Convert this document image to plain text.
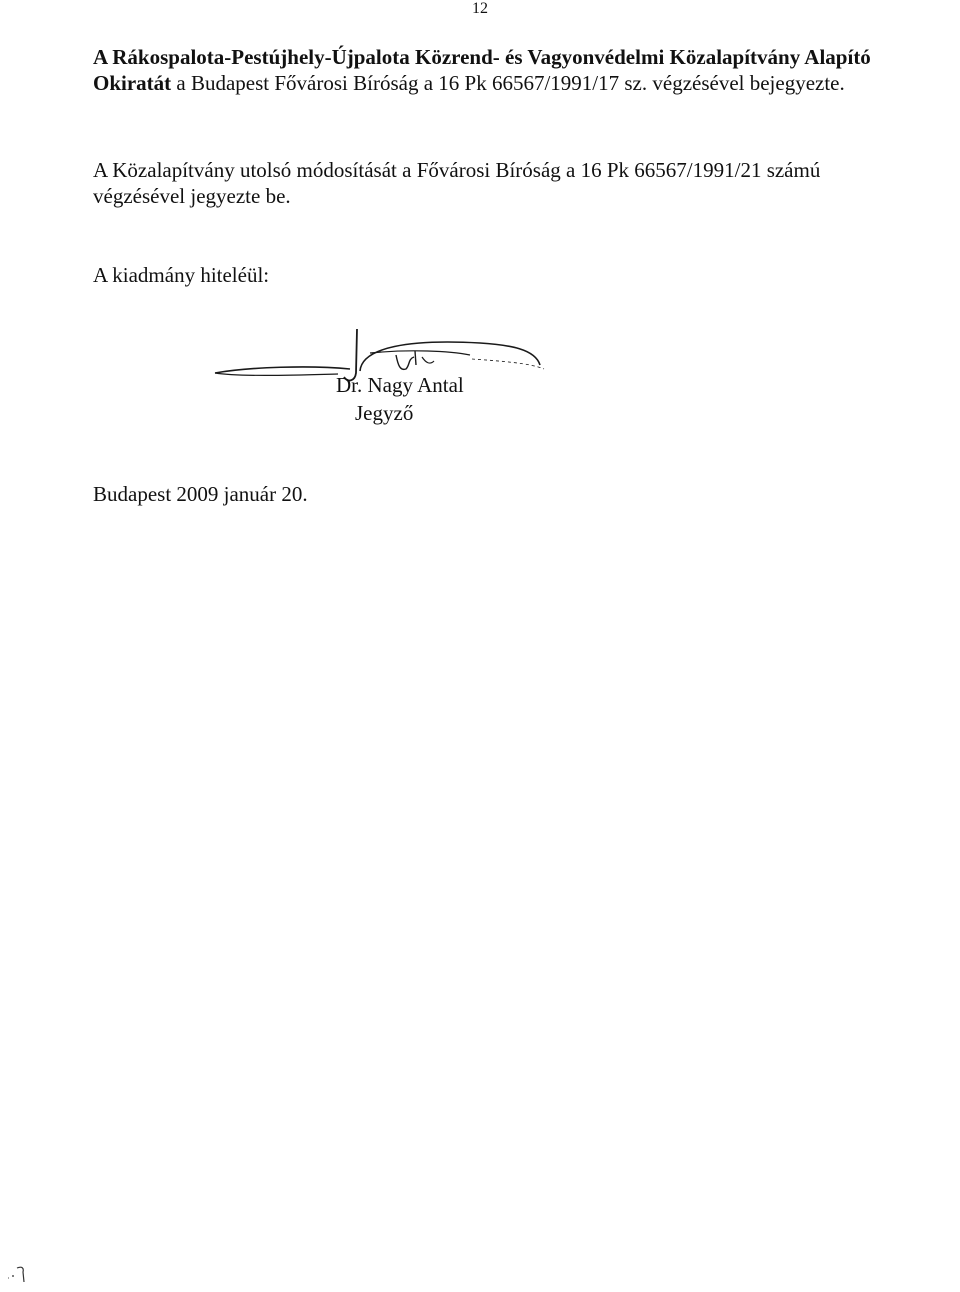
12

A Rákospalota-Pestújhely-Újpalota Közrend- és Vagyonvédelmi Közalapítvány Alapító Okiratát a Budapest Fővárosi Bíróság a 16 Pk 66567/1991/17 sz. végzésével bejegyezte.

A Közalapítvány utolsó módosítását a Fővárosi Bíróság a 16 Pk 66567/1991/21 számú végzésével jegyezte be.

A kiadmány hiteléül:

Dr. Nagy Antal
Jegyző
Budapest 2009 január 20.
